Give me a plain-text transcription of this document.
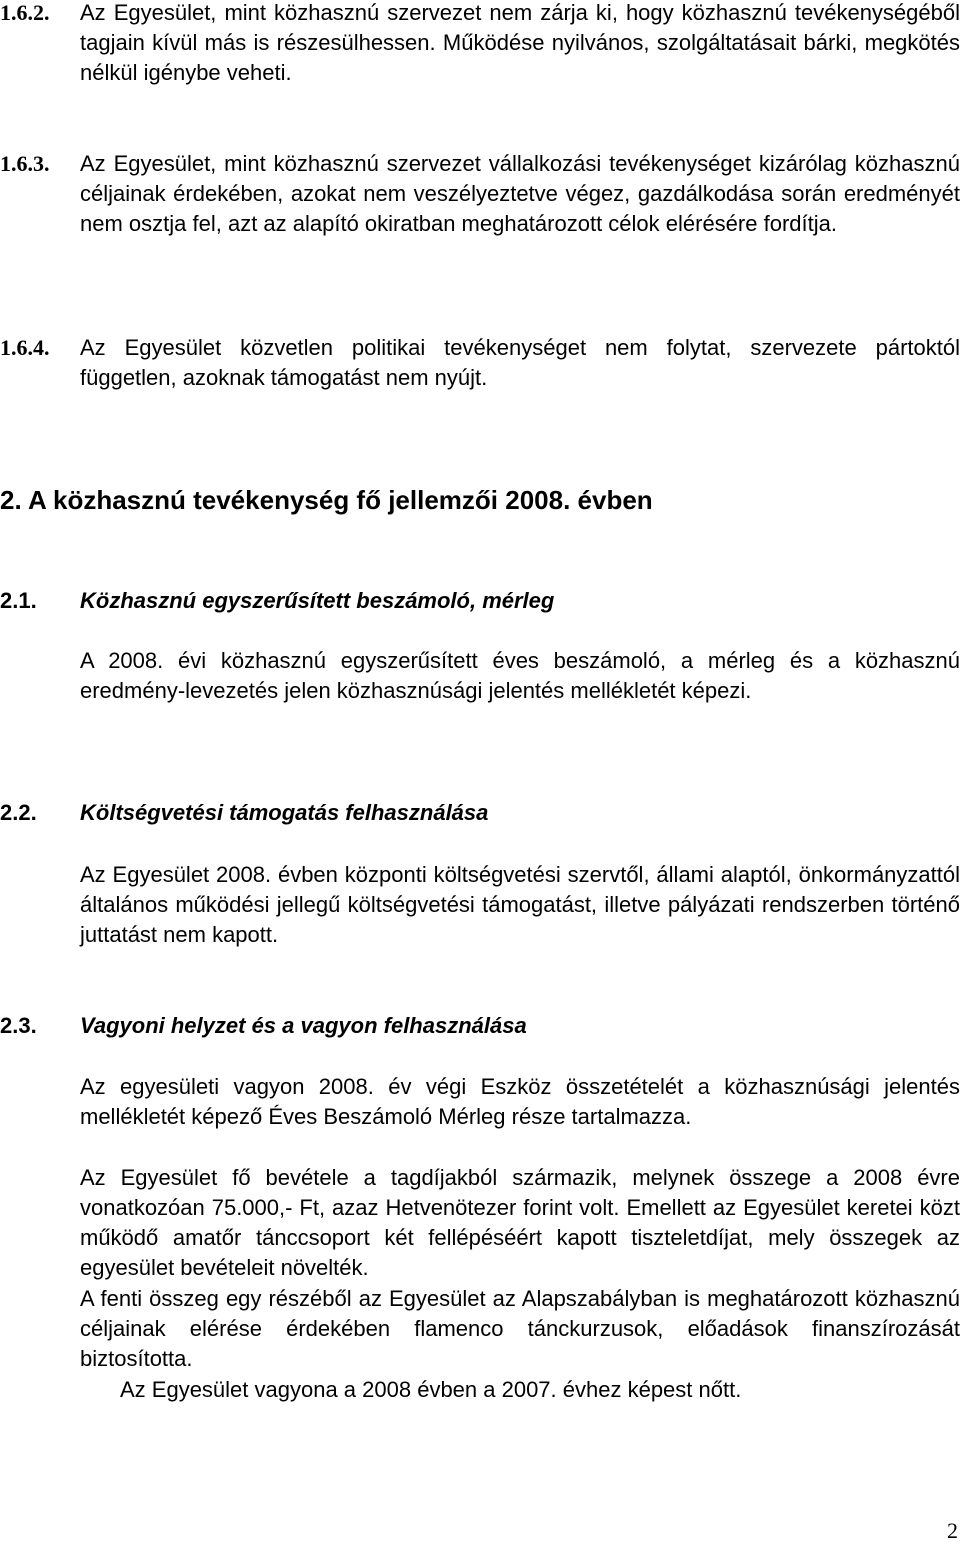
1.6.2. Az Egyesület, mint közhasznú szervezet nem zárja ki, hogy közhasznú tevékenységéből tagjain kívül más is részesülhessen. Működése nyilvános, szolgáltatásait bárki, megkötés nélkül igénybe veheti.
1.6.3. Az Egyesület, mint közhasznú szervezet vállalkozási tevékenységet kizárólag közhasznú céljainak érdekében, azokat nem veszélyeztetve végez, gazdálkodása során eredményét nem osztja fel, azt az alapító okiratban meghatározott célok elérésére fordítja.
1.6.4. Az Egyesület közvetlen politikai tevékenységet nem folytat, szervezete pártoktól független, azoknak támogatást nem nyújt.
2. A közhasznú tevékenység fő jellemzői 2008. évben
2.1. Közhasznú egyszerűsített beszámoló, mérleg
A 2008. évi közhasznú egyszerűsített éves beszámoló, a mérleg és a közhasznú eredmény-levezetés jelen közhasznúsági jelentés mellékletét képezi.
2.2. Költségvetési támogatás felhasználása
Az Egyesület 2008. évben központi költségvetési szervtől, állami alaptól, önkormányzattól általános működési jellegű költségvetési támogatást, illetve pályázati rendszerben történő juttatást nem kapott.
2.3. Vagyoni helyzet és a vagyon felhasználása
Az egyesületi vagyon 2008. év végi Eszköz összetételét a közhasznúsági jelentés mellékletét képező Éves Beszámoló Mérleg része tartalmazza.
Az Egyesület fő bevétele a tagdíjakból származik, melynek összege a 2008 évre vonatkozóan 75.000,- Ft, azaz Hetvenötezer forint volt. Emellett az Egyesület keretei közt működő amatőr tánccsoport két fellépéséért kapott tiszteletdíjat, mely összegek az egyesület bevételeit növelték.
A fenti összeg egy részéből az Egyesület az Alapszabályban is meghatározott közhasznú céljainak elérése érdekében flamenco tánckurzusok, előadások finanszírozását biztosította.
Az Egyesület vagyona a 2008 évben a 2007. évhez képest nőtt.
2
